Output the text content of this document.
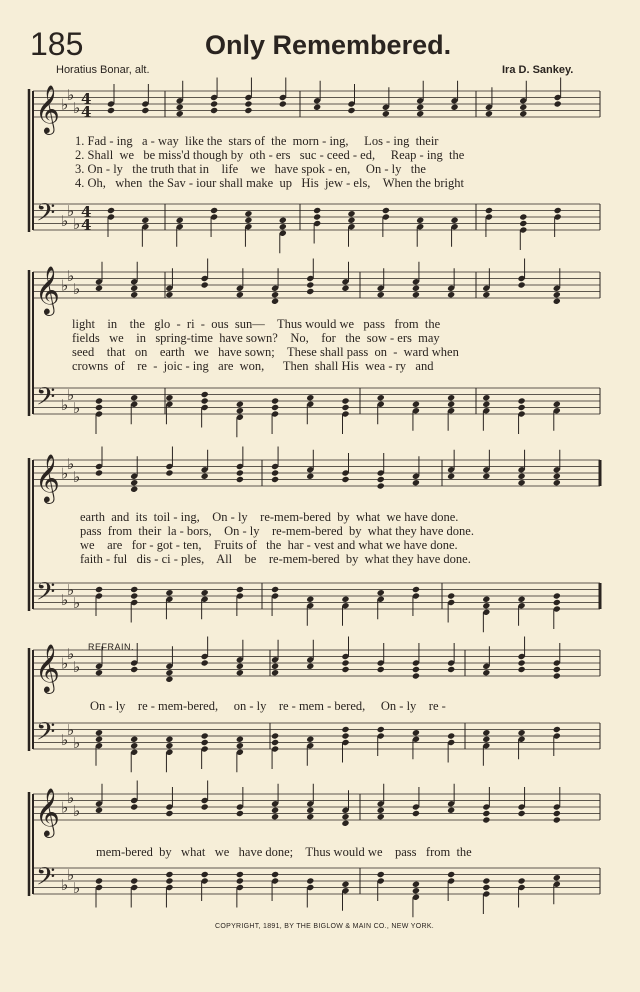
185	Only Remembered.
Horatius Bonar, alt.	Ira D. Sankey.
𝄞 ♭
♭
♭ 4
4
𝄢 ♭
♭
♭
4
4
𝄞 ♭
♭
♭
𝄢 ♭
♭
♭
𝄞 ♭
♭
♭
𝄢 ♭
♭
♭
𝄞 ♭
♭
♭
𝄢 ♭
♭
♭
𝄞 ♭
♭
♭
𝄢 ♭
♭
♭
1. Fad - ing   a - way  like the  stars of  the  morn - ing,     Los - ing  their
2. Shall  we   be miss'd though by  oth - ers   suc - ceed - ed,     Reap - ing  the
3. On - ly   the truth that in    life    we   have spok - en,     On - ly   the
4. Oh,   when  the Sav - iour shall make  up   His  jew - els,    When the bright
light    in    the   glo  -  ri  -  ous  sun—    Thus would we   pass   from  the
fields   we    in   spring-time  have sown?    No,    for   the  sow - ers  may
seed    that   on    earth   we   have sown;    These shall pass  on  -  ward when
crowns  of    re  -  joic - ing   are  won,      Then  shall His  wea - ry   and
earth  and  its  toil - ing,    On - ly    re-mem-bered  by  what  we have done.
pass  from  their  la - bors,    On - ly    re-mem-bered  by  what they have done.
we    are   for - got - ten,    Fruits of   the  har - vest and what we have done.
faith - ful   dis - ci - ples,    All    be    re-mem-bered  by  what they have done.
REFRAIN.
On - ly    re - mem-bered,     on - ly    re - mem - bered,     On - ly    re -
mem-bered  by   what   we   have done;    Thus would we    pass   from  the
COPYRIGHT, 1891, BY THE BIGLOW & MAIN CO., NEW YORK.
